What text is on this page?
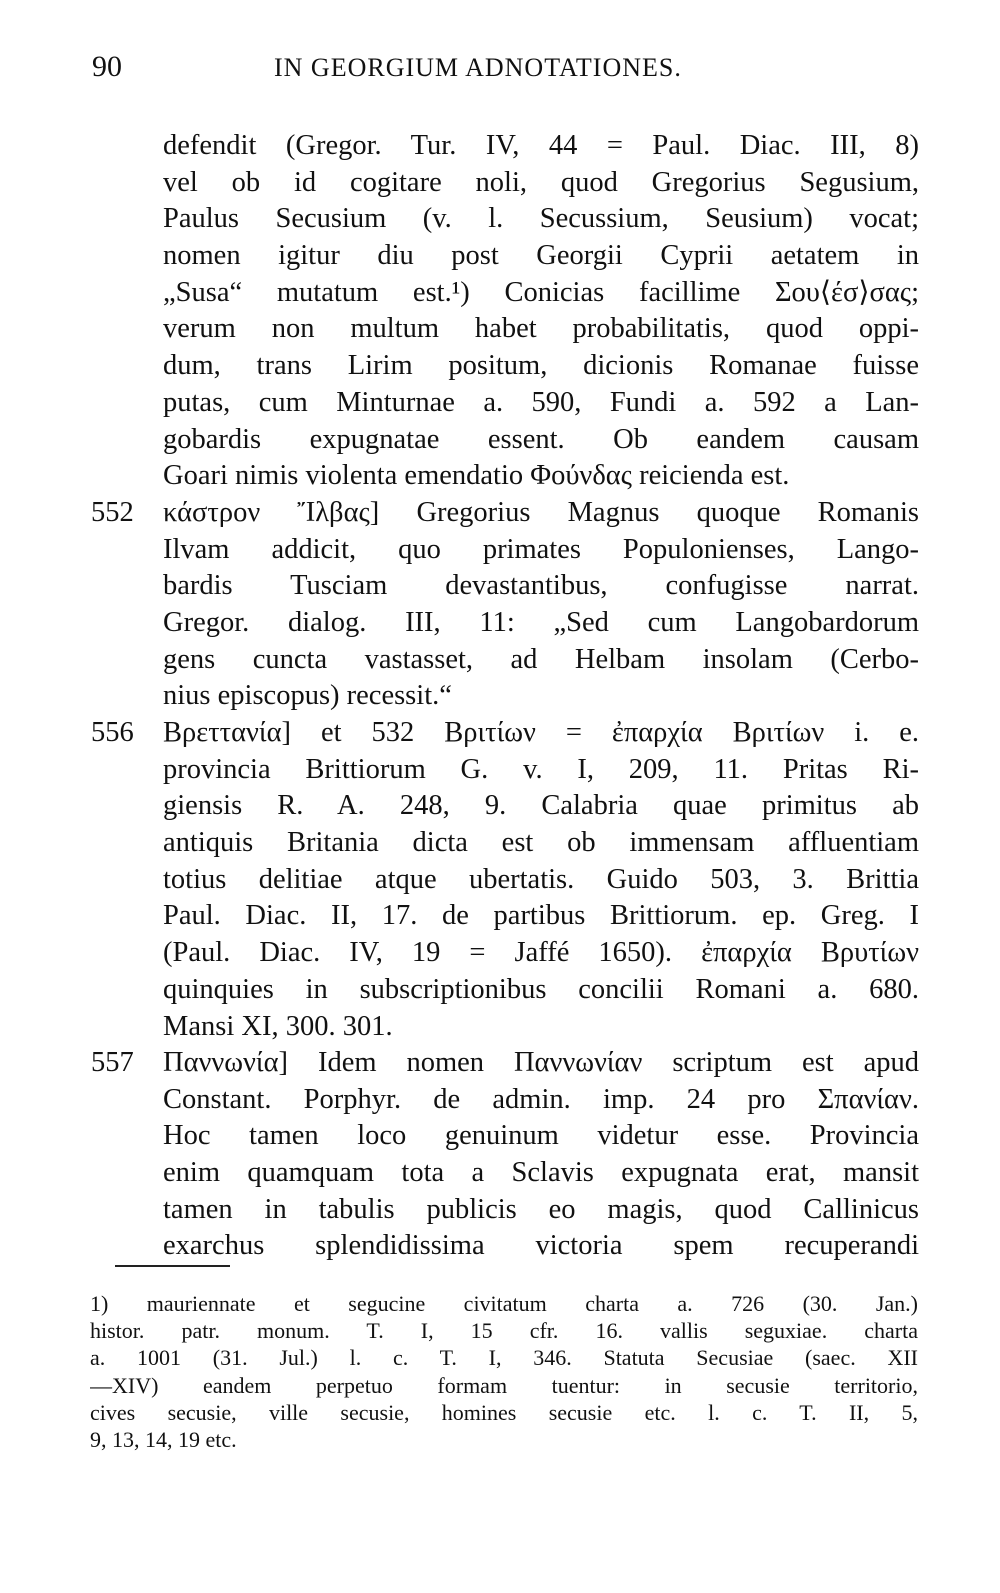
90	IN GEORGIUM ADNOTATIONES.
defendit (Gregor. Tur. IV, 44 = Paul. Diac. III, 8)
vel ob id cogitare noli, quod Gregorius Segusium,
Paulus Secusium (v. l. Secussium, Seusium) vocat;
nomen igitur diu post Georgii Cyprii aetatem in
„Susa“ mutatum est.¹) Conicias facillime Σου⟨έσ⟩σας;
verum non multum habet probabilitatis, quod oppi-
dum, trans Lirim positum, dicionis Romanae fuisse
putas, cum Minturnae a. 590, Fundi a. 592 a Lan-
gobardis expugnatae essent. Ob eandem causam
Goari nimis violenta emendatio Φούνδας reicienda est.
552 κάστρον Ἴλβας] Gregorius Magnus quoque Romanis
Ilvam addicit, quo primates Populonienses, Lango-
bardis Tusciam devastantibus, confugisse narrat.
Gregor. dialog. III, 11: „Sed cum Langobardorum
gens cuncta vastasset, ad Helbam insolam (Cerbo-
nius episcopus) recessit.“
556 Βρεττανία] et 532 Βριτίων = ἐπαρχία Βριτίων i. e.
provincia Brittiorum G. v. I, 209, 11. Pritas Ri-
giensis R. A. 248, 9. Calabria quae primitus ab
antiquis Britania dicta est ob immensam affluentiam
totius delitiae atque ubertatis. Guido 503, 3. Brittia
Paul. Diac. II, 17. de partibus Brittiorum. ep. Greg. I
(Paul. Diac. IV, 19 = Jaffé 1650). ἐπαρχία Βρυτίων
quinquies in subscriptionibus concilii Romani a. 680.
Mansi XI, 300. 301.
557 Παννωνία] Idem nomen Παννωνίαν scriptum est apud
Constant. Porphyr. de admin. imp. 24 pro Σπανίαν.
Hoc tamen loco genuinum videtur esse. Provincia
enim quamquam tota a Sclavis expugnata erat, mansit
tamen in tabulis publicis eo magis, quod Callinicus
exarchus splendidissima victoria spem recuperandi
1) mauriennate et segucine civitatum charta a. 726 (30. Jan.)
histor. patr. monum. T. I, 15 cfr. 16. vallis seguxiae. charta
a. 1001 (31. Jul.) l. c. T. I, 346. Statuta Secusiae (saec. XII
—XIV) eandem perpetuo formam tuentur: in secusie territorio,
cives secusie, ville secusie, homines secusie etc. l. c. T. II, 5,
9, 13, 14, 19 etc.
